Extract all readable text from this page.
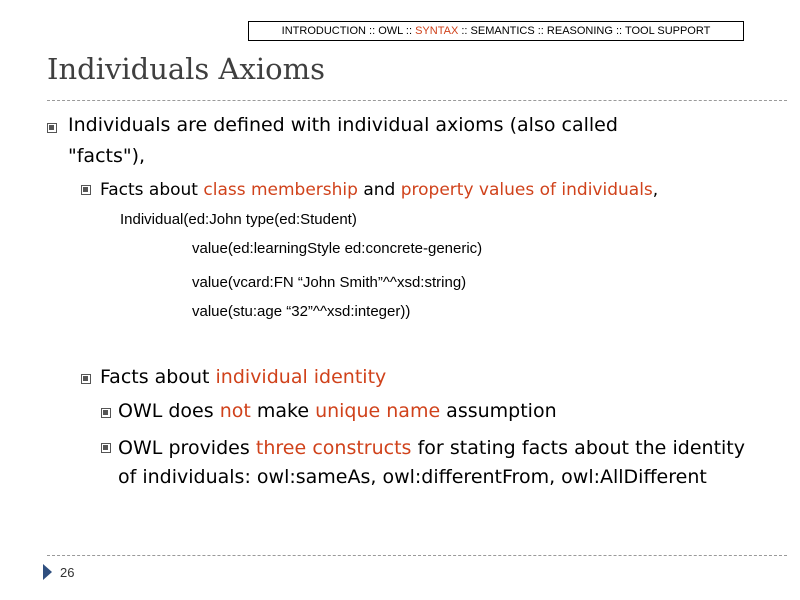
INTRODUCTION :: OWL :: SYNTAX :: SEMANTICS :: REASONING :: TOOL SUPPORT
Individuals Axioms
Individuals are defined with individual axioms (also called
"facts"),
Facts about class membership and property values of individuals,
Individual(ed:John type(ed:Student)
value(ed:learningStyle ed:concrete-generic)
value(vcard:FN “John Smith”^^xsd:string)
value(stu:age “32”^^xsd:integer))
Facts about individual identity
OWL does not make unique name assumption
OWL provides three constructs for stating facts about the identity of individuals: owl:sameAs, owl:differentFrom, owl:AllDifferent
26
